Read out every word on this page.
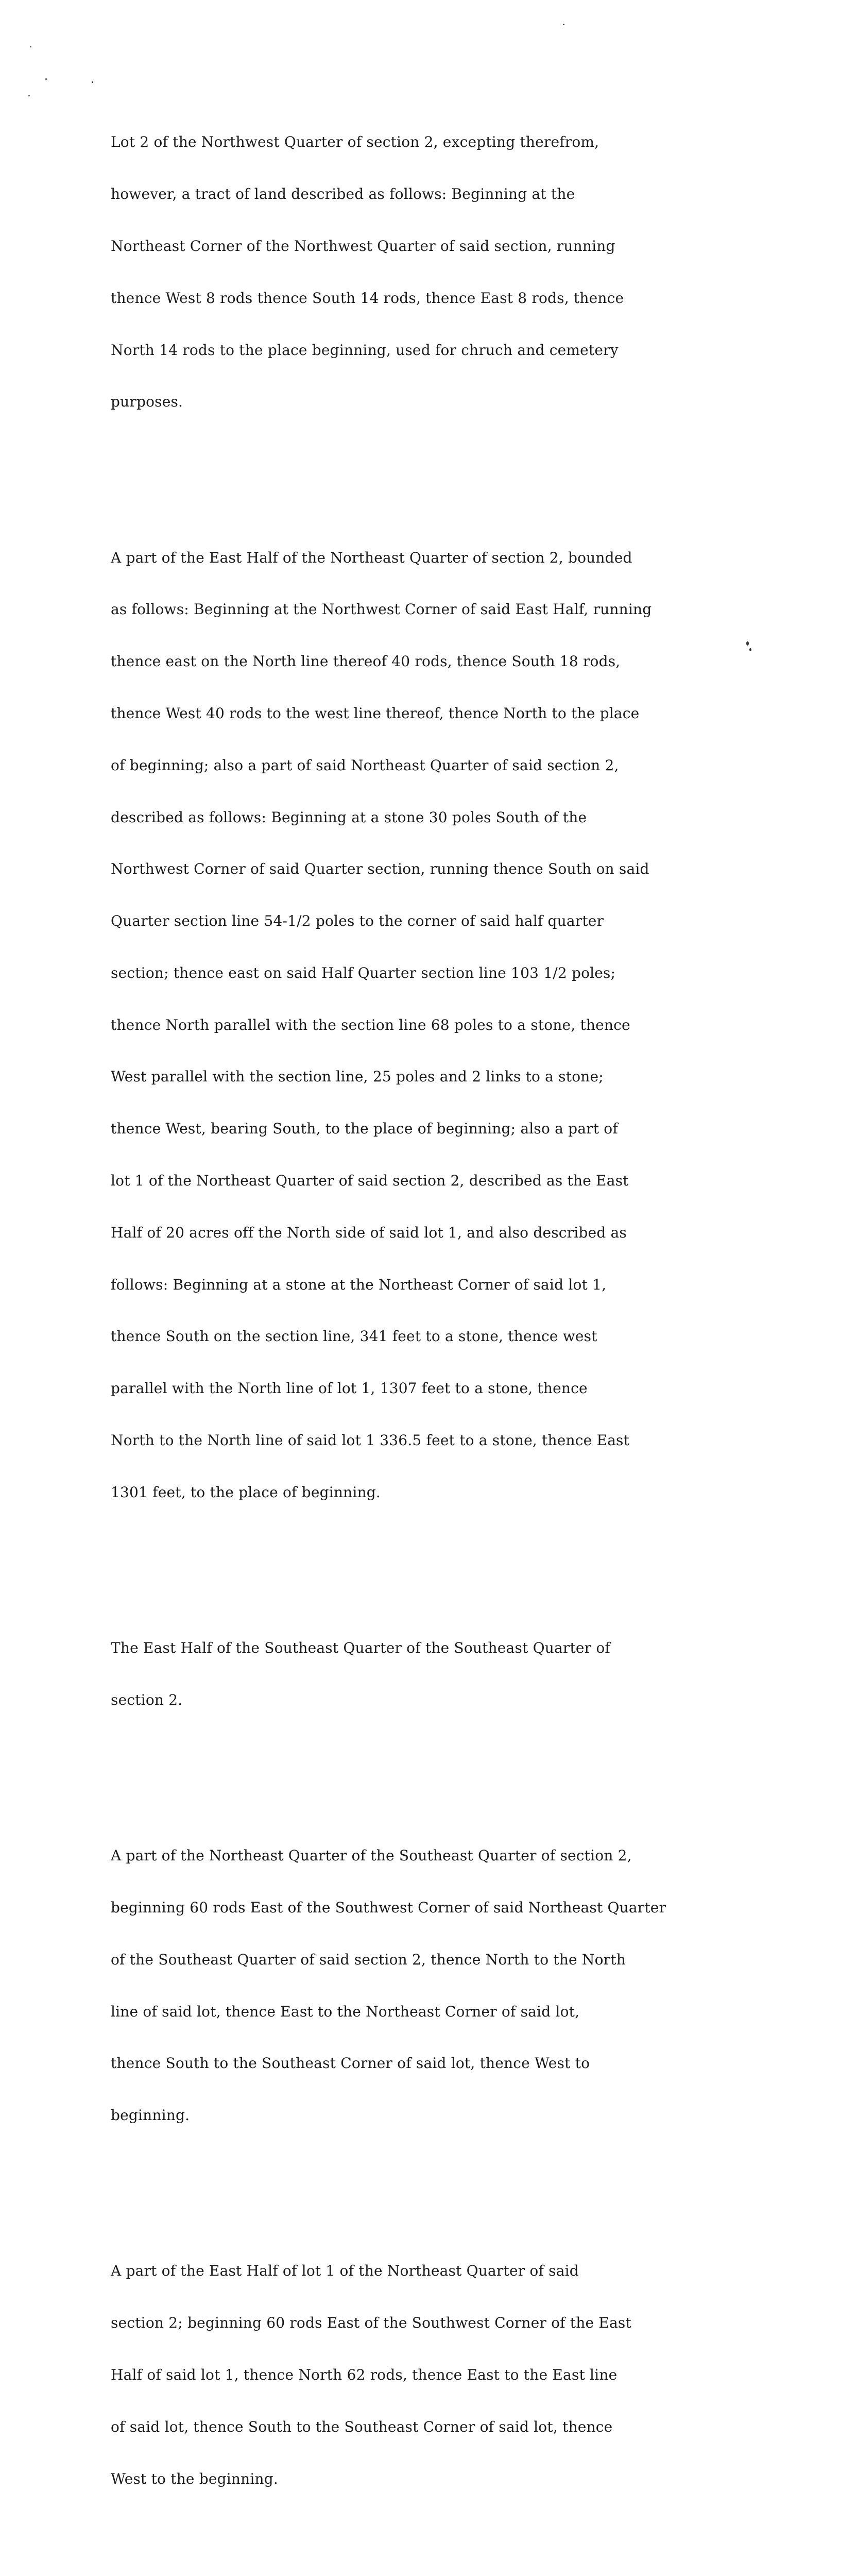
Lot 2 of the Northwest Quarter of section 2, excepting therefrom,

however, a tract of land described as follows: Beginning at the

Northeast Corner of the Northwest Quarter of said section, running

thence West 8 rods thence South 14 rods, thence East 8 rods, thence

North 14 rods to the place beginning, used for chruch and cemetery

purposes.

A part of the East Half of the Northeast Quarter of section 2, bounded

as follows: Beginning at the Northwest Corner of said East Half, running

thence east on the North line thereof 40 rods, thence South 18 rods,

thence West 40 rods to the west line thereof, thence North to the place

of beginning; also a part of said Northeast Quarter of said section 2,

described as follows: Beginning at a stone 30 poles South of the

Northwest Corner of said Quarter section, running thence South on said

Quarter section line 54-1/2 poles to the corner of said half quarter

section; thence east on said Half Quarter section line 103 1/2 poles;

thence North parallel with the section line 68 poles to a stone, thence

West parallel with the section line, 25 poles and 2 links to a stone;

thence West, bearing South, to the place of beginning; also a part of

lot 1 of the Northeast Quarter of said section 2, described as the East

Half of 20 acres off the North side of said lot 1, and also described as

follows: Beginning at a stone at the Northeast Corner of said lot 1,

thence South on the section line, 341 feet to a stone, thence west

parallel with the North line of lot 1, 1307 feet to a stone, thence

North to the North line of said lot 1 336.5 feet to a stone, thence East

1301 feet, to the place of beginning.

The East Half of the Southeast Quarter of the Southeast Quarter of

section 2.

A part of the Northeast Quarter of the Southeast Quarter of section 2,

beginning 60 rods East of the Southwest Corner of said Northeast Quarter

of the Southeast Quarter of said section 2, thence North to the North

line of said lot, thence East to the Northeast Corner of said lot,

thence South to the Southeast Corner of said lot, thence West to

beginning.

A part of the East Half of lot 1 of the Northeast Quarter of said

section 2; beginning 60 rods East of the Southwest Corner of the East

Half of said lot 1, thence North 62 rods, thence East to the East line

of said lot, thence South to the Southeast Corner of said lot, thence

West to the beginning.
